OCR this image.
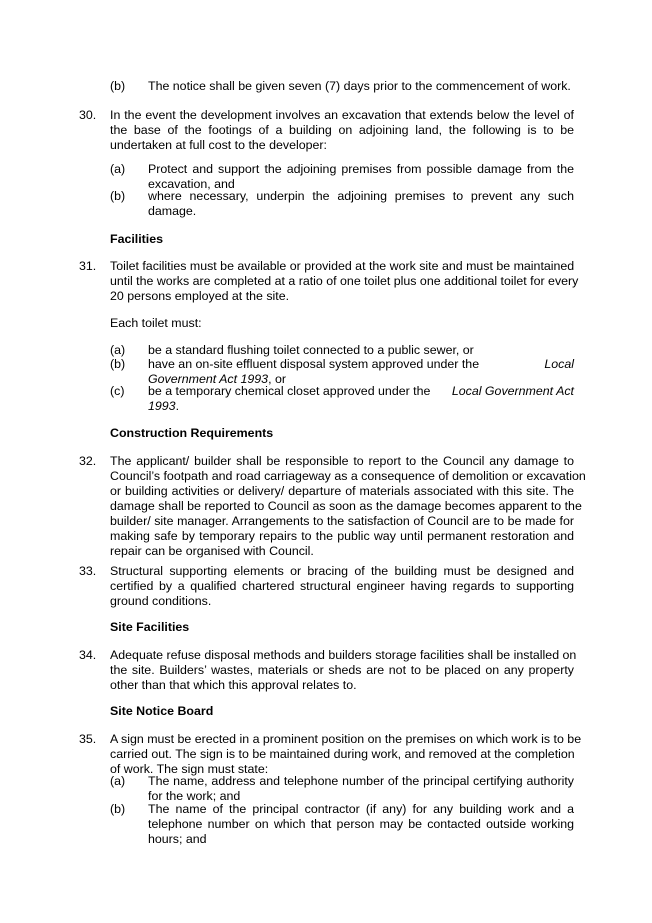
(b) The notice shall be given seven (7) days prior to the commencement of work.
30. In the event the development involves an excavation that extends below the level of
the base of the footings of a building on adjoining land, the following is to be
undertaken at full cost to the developer:
(a) Protect and support the adjoining premises from possible damage from the
excavation, and
(b) where necessary, underpin the adjoining premises to prevent any such
damage.
Facilities
31. Toilet facilities must be available or provided at the work site and must be maintained
until the works are completed at a ratio of one toilet plus one additional toilet for every
20 persons employed at the site.
Each toilet must:
(a) be a standard flushing toilet connected to a public sewer, or
(b) have an on-site effluent disposal system approved under the	Local
Government Act 1993, or
(c) be a temporary chemical closet approved under the Local Government Act
1993.
Construction Requirements
32. The applicant/ builder shall be responsible to report to the Council any damage to
Council’s footpath and road carriageway as a consequence of demolition or excavation
or building activities or delivery/ departure of materials associated with this site. The
damage shall be reported to Council as soon as the damage becomes apparent to the
builder/ site manager. Arrangements to the satisfaction of Council are to be made for
making safe by temporary repairs to the public way until permanent restoration and
repair can be organised with Council.
33. Structural supporting elements or bracing of the building must be designed and
certified by a qualified chartered structural engineer having regards to supporting
ground conditions.
Site Facilities
34. Adequate refuse disposal methods and builders storage facilities shall be installed on
the site. Builders’ wastes, materials or sheds are not to be placed on any property
other than that which this approval relates to.
Site Notice Board
35. A sign must be erected in a prominent position on the premises on which work is to be
carried out. The sign is to be maintained during work, and removed at the completion
of work. The sign must state:
(a) The name, address and telephone number of the principal certifying authority
for the work; and
(b) The name of the principal contractor (if any) for any building work and a
telephone number on which that person may be contacted outside working
hours; and
